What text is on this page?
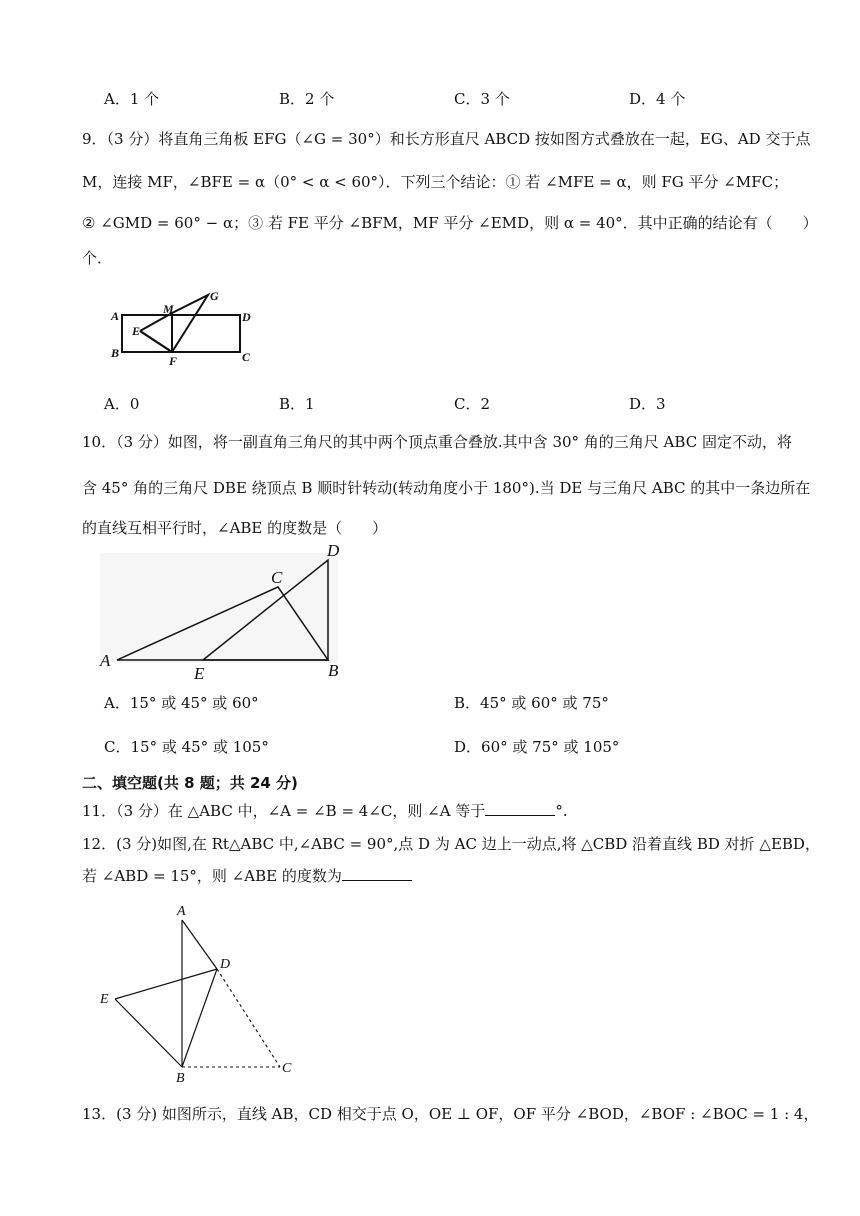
A．1 个	B．2 个	C．3 个	D．4 个
9．（3 分）将直角三角板 EFG（∠G = 30°）和长方形直尺 ABCD 按如图方式叠放在一起，EG、AD 交于点
M，连接 MF，∠BFE = α（0° < α < 60°）．下列三个结论：① 若 ∠MFE = α，则 FG 平分 ∠MFC；
② ∠GMD = 60° − α；③ 若 FE 平分 ∠BFM，MF 平分 ∠EMD，则 α = 40°．其中正确的结论有（　　）
个．
A
B	C
D
E
F
G
M
A．0	B．1	C．2	D．3
10．（3 分）如图，将一副直角三角尺的其中两个顶点重合叠放.其中含 30° 角的三角尺 ABC 固定不动，将
含 45° 角的三角尺 DBE 绕顶点 B 顺时针转动(转动角度小于 180°).当 DE 与三角尺 ABC 的其中一条边所在
的直线互相平行时，∠ABE 的度数是（　　）
A
B
C
D
E
A．15° 或 45° 或 60°	B．45° 或 60° 或 75°
C．15° 或 45° 或 105°	D．60° 或 75° 或 105°
二、填空题(共 8 题；共 24 分)
11．（3 分）在 △ABC 中，∠A = ∠B = 4∠C，则 ∠A 等于	°.
12．(3 分)如图,在 Rt△ABC 中,∠ABC = 90°,点 D 为 AC 边上一动点,将 △CBD 沿着直线 BD 对折 △EBD，
若 ∠ABD = 15°，则 ∠ABE 的度数为
A
B
C
D
E
13．(3 分) 如图所示，直线 AB，CD 相交于点 O，OE ⊥ OF，OF 平分 ∠BOD，∠BOF : ∠BOC = 1 : 4，
